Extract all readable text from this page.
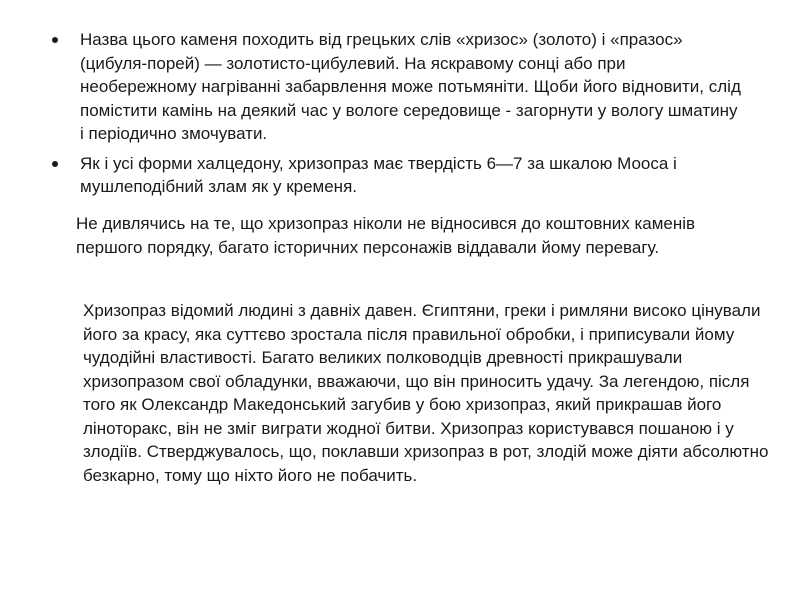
Назва цього каменя походить від грецьких слів «хризос» (золото) і «празос» (цибуля-порей) — золотисто-цибулевий. На яскравому сонці або при необережному нагріванні забарвлення може потьмяніти. Щоби його відновити, слід помістити камінь на деякий час у вологе середовище - загорнути у вологу шматину і періодично змочувати.
Як і усі форми халцедону, хризопраз має твердість 6—7 за шкалою Мооса і мушлеподібний злам як у кременя.

Не дивлячись на те, що хризопраз ніколи не відносився до коштовних каменів першого порядку, багато історичних персонажів віддавали йому перевагу.

Хризопраз відомий людині з давніх давен. Єгиптяни, греки і римляни високо цінували його за красу, яка суттєво зростала після правильної обробки, і приписували йому чудодійні властивості. Багато великих полководців древності прикрашували хризопразом свої обладунки, вважаючи, що він приносить удачу. За легендою, після того як Олександр Македонський загубив у бою хризопраз, який прикрашав його ліноторакс, він не зміг виграти жодної битви. Хризопраз користувався пошаною і у злодіїв. Стверджувалось, що, поклавши хризопраз в рот, злодій може діяти абсолютно безкарно, тому що ніхто його не побачить.
